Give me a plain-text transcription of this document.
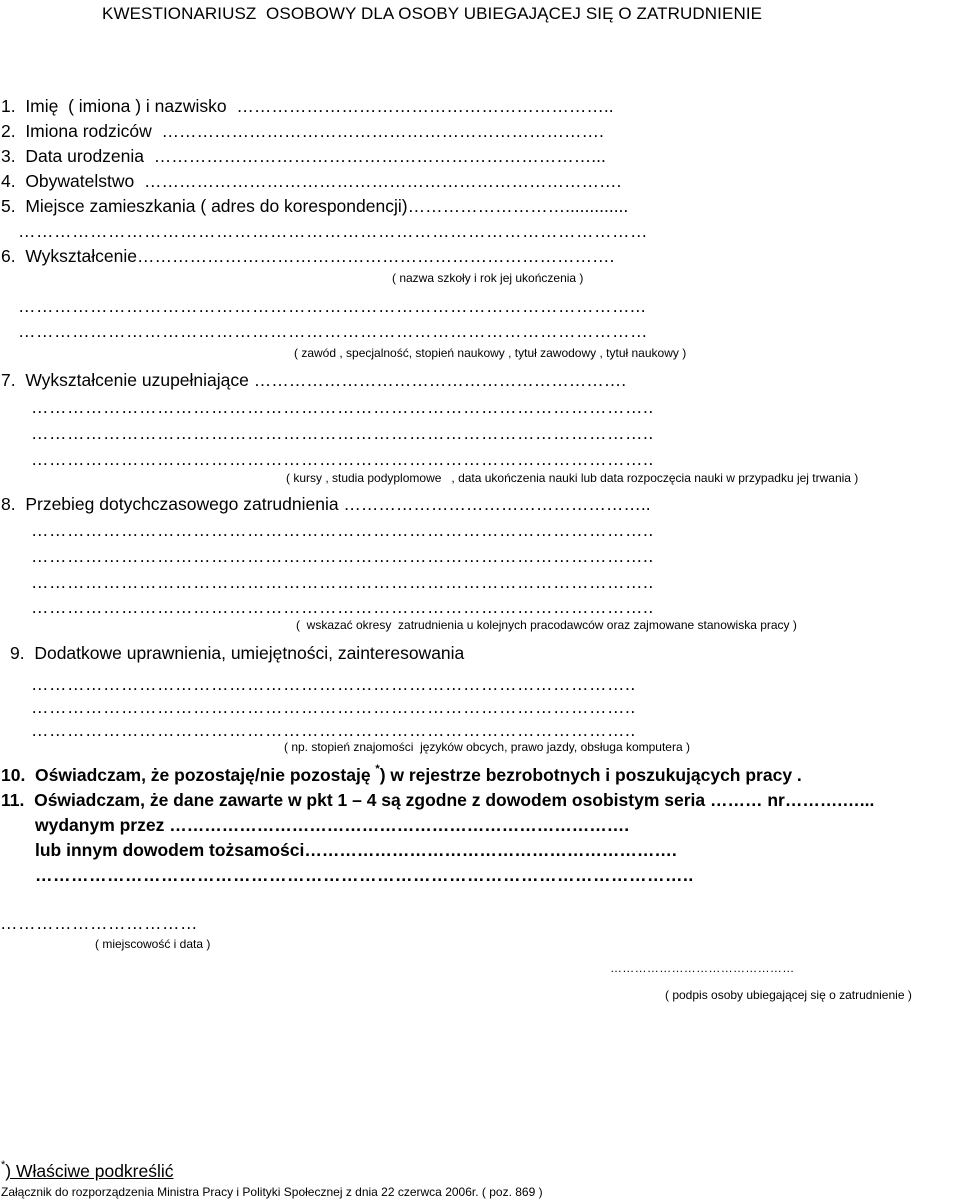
KWESTIONARIUSZ  OSOBOWY DLA OSOBY UBIEGAJĄCEJ SIĘ O ZATRUDNIENIE
1.  Imię  ( imiona ) i nazwisko  ………………………………………………………..
2.  Imiona rodziców  ………………………………………………………………….
3.  Data urodzenia  …………………………………………………………………...
4.  Obywatelstwo  ……………………………………………………………………….
5.  Miejsce zamieszkania ( adres do korespondencji)……………………….............
……………………………………………………………………………………………
6.  Wykształcenie……………………………………………………………………….
( nazwa szkoły i rok jej ukończenia )
…………………………………………………………………………………………...
……………………………………………………………………………………………
( zawód , specjalność, stopień naukowy , tytuł zawodowy , tytuł naukowy )
7.  Wykształcenie uzupełniające ……………………………………………………….
…………………………………………………………………………………………..
…………………………………………………………………………………………..
…………………………………………………………………………………………..
( kursy , studia podyplomowe   , data ukończenia nauki lub data rozpoczęcia nauki w przypadku jej trwania )
8.  Przebieg dotychczasowego zatrudnienia ……………………………………………..
…………………………………………………………………………………………..
…………………………………………………………………………………………..
…………………………………………………………………………………………..
…………………………………………………………………………………………..
(  wskazać okresy  zatrudnienia u kolejnych pracodawców oraz zajmowane stanowiska pracy )
9.  Dodatkowe uprawnienia, umiejętności, zainteresowania
………………………………………………………………………………………..
………………………………………………………………………………………..
………………………………………………………………………………………..
( np. stopień znajomości  języków obcych, prawo jazdy, obsługa komputera )
10.  Oświadczam, że pozostaję/nie pozostaję *) w rejestrze bezrobotnych i poszukujących pracy .
11.  Oświadczam, że dane zawarte w pkt 1 – 4 są zgodne z dowodem osobistym seria ……… nr……….…...
wydanym przez …………………………………………………………………….
lub innym dowodem tożsamości……………………………………………………….
………………………………………………………………………………………………..
……………………………
( miejscowość i data )
………………………………………
( podpis osoby ubiegającej się o zatrudnienie )
*) Właściwe podkreślić
Załącznik do rozporządzenia Ministra Pracy i Polityki Społecznej z dnia 22 czerwca 2006r. ( poz. 869 )
